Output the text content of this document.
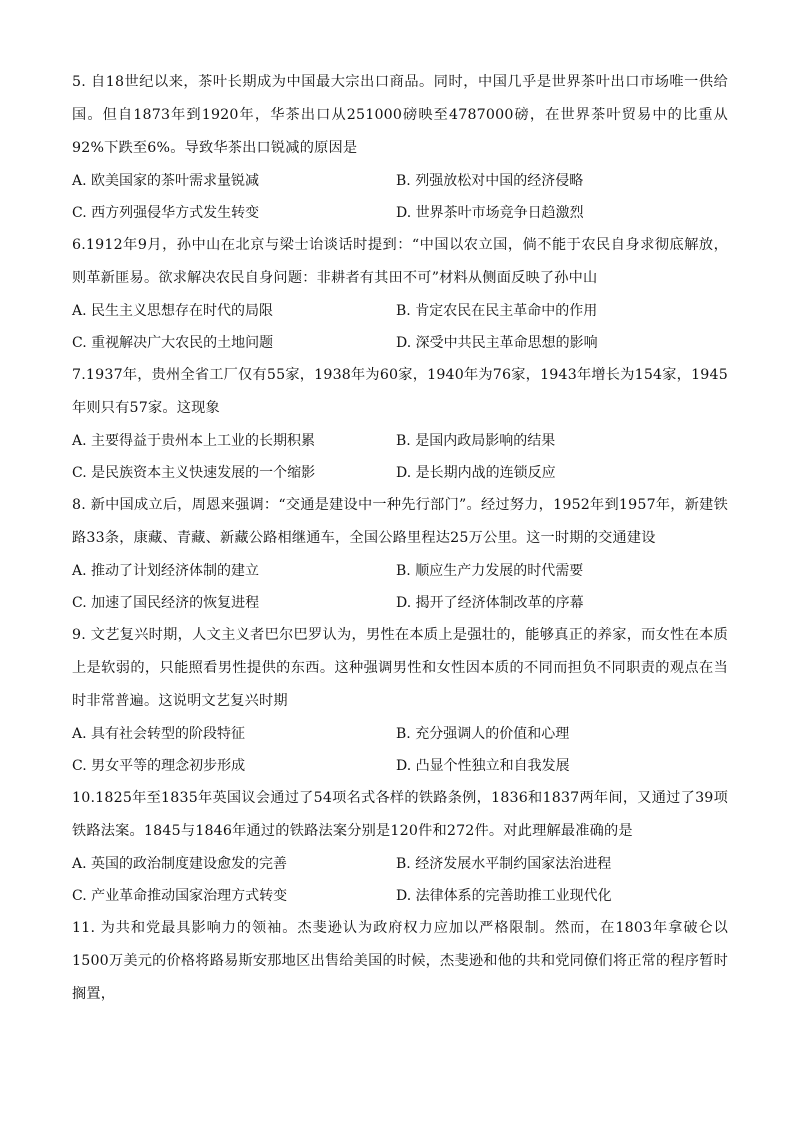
5. 自18世纪以来，茶叶长期成为中国最大宗出口商品。同时，中国几乎是世界茶叶出口市场唯一供给国。但自1873年到1920年，华茶出口从251000磅映至4787000磅，在世界茶叶贸易中的比重从92%下跌至6%。导致华茶出口锐减的原因是

A. 欧美国家的茶叶需求量锐减	B. 列强放松对中国的经济侵略
C. 西方列强侵华方式发生转变	D. 世界茶叶市场竞争日趋激烈

6.1912年9月，孙中山在北京与梁士诒谈话时提到：“中国以农立国，倘不能于农民自身求彻底解放，则革新匪易。欲求解决农民自身问题：非耕者有其田不可”材料从侧面反映了孙中山

A. 民生主义思想存在时代的局限	B. 肯定农民在民主革命中的作用
C. 重视解决广大农民的土地问题	D. 深受中共民主革命思想的影响

7.1937年，贵州全省工厂仅有55家，1938年为60家，1940年为76家，1943年增长为154家，1945年则只有57家。这现象

A. 主要得益于贵州本上工业的长期积累	B. 是国内政局影响的结果
C. 是民族资本主义快速发展的一个缩影	D. 是长期内战的连锁反应

8. 新中国成立后，周恩来强调：“交通是建设中一种先行部门”。经过努力，1952年到1957年，新建铁路33条，康藏、青藏、新藏公路相继通车，全国公路里程达25万公里。这一时期的交通建设

A. 推动了计划经济体制的建立	B. 顺应生产力发展的时代需要
C. 加速了国民经济的恢复进程	D. 揭开了经济体制改革的序幕

9. 文艺复兴时期，人文主义者巴尔巴罗认为，男性在本质上是强壮的，能够真正的养家，而女性在本质上是软弱的，只能照看男性提供的东西。这种强调男性和女性因本质的不同而担负不同职责的观点在当时非常普遍。这说明文艺复兴时期

A. 具有社会转型的阶段特征	B. 充分强调人的价值和心理
C. 男女平等的理念初步形成	D. 凸显个性独立和自我发展

10.1825年至1835年英国议会通过了54项名式各样的铁路条例，1836和1837两年间，又通过了39项铁路法案。1845与1846年通过的铁路法案分别是120件和272件。对此理解最准确的是

A. 英国的政治制度建设愈发的完善	B. 经济发展水平制约国家法治进程
C. 产业革命推动国家治理方式转变	D. 法律体系的完善助推工业现代化

11. 为共和党最具影响力的领袖。杰斐逊认为政府权力应加以严格限制。然而，在1803年拿破仑以1500万美元的价格将路易斯安那地区出售给美国的时候，杰斐逊和他的共和党同僚们将正常的程序暂时搁置，
